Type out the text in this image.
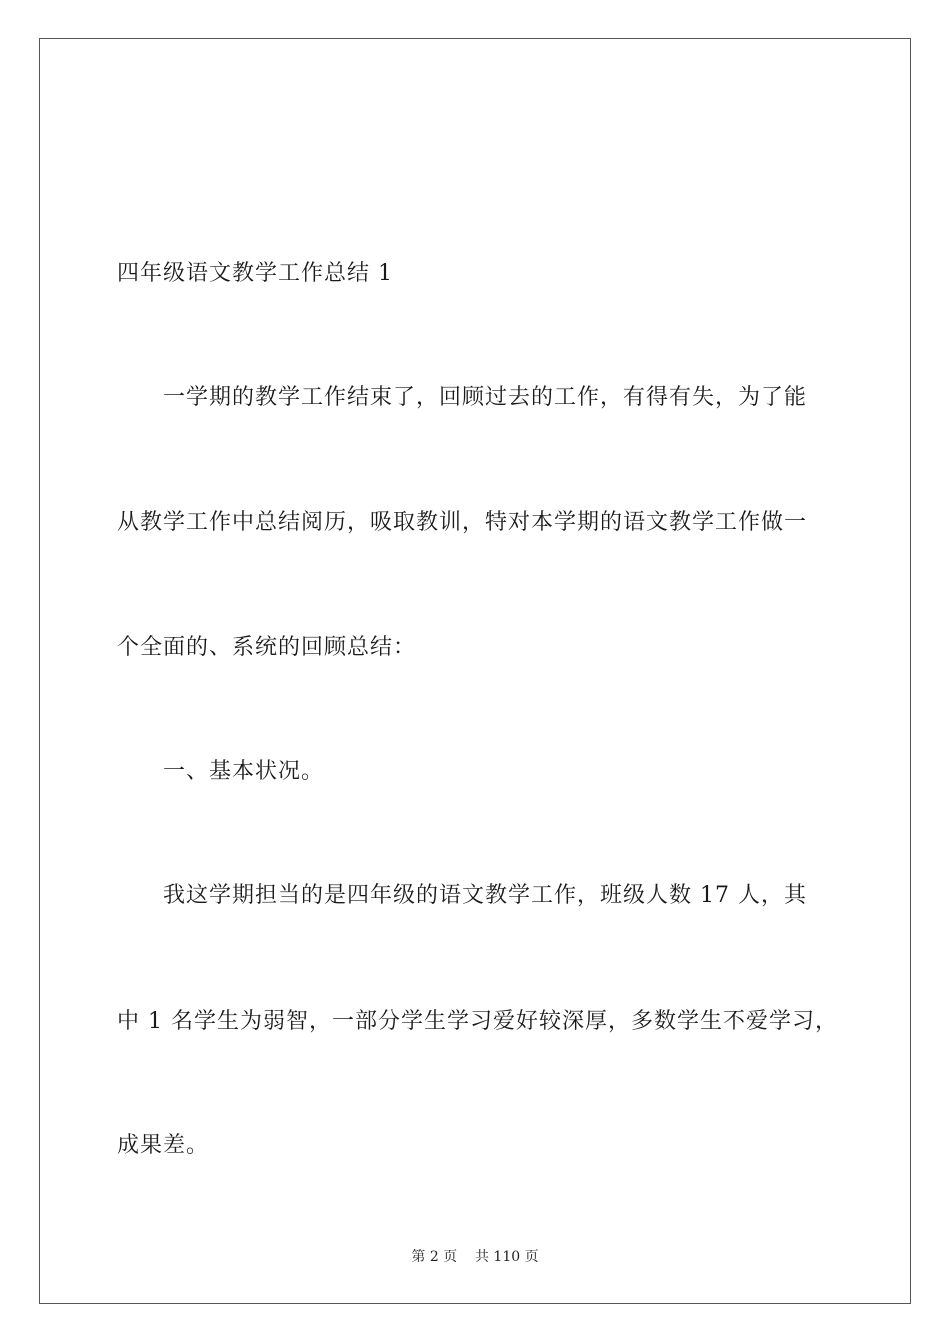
四年级语文教学工作总结 1
一学期的教学工作结束了，回顾过去的工作，有得有失，为了能
从教学工作中总结阅历，吸取教训，特对本学期的语文教学工作做一
个全面的、系统的回顾总结：
一、基本状况。
我这学期担当的是四年级的语文教学工作，班级人数 17 人，其
中 1 名学生为弱智，一部分学生学习爱好较深厚，多数学生不爱学习，
成果差。
第 2 页    共 110 页
